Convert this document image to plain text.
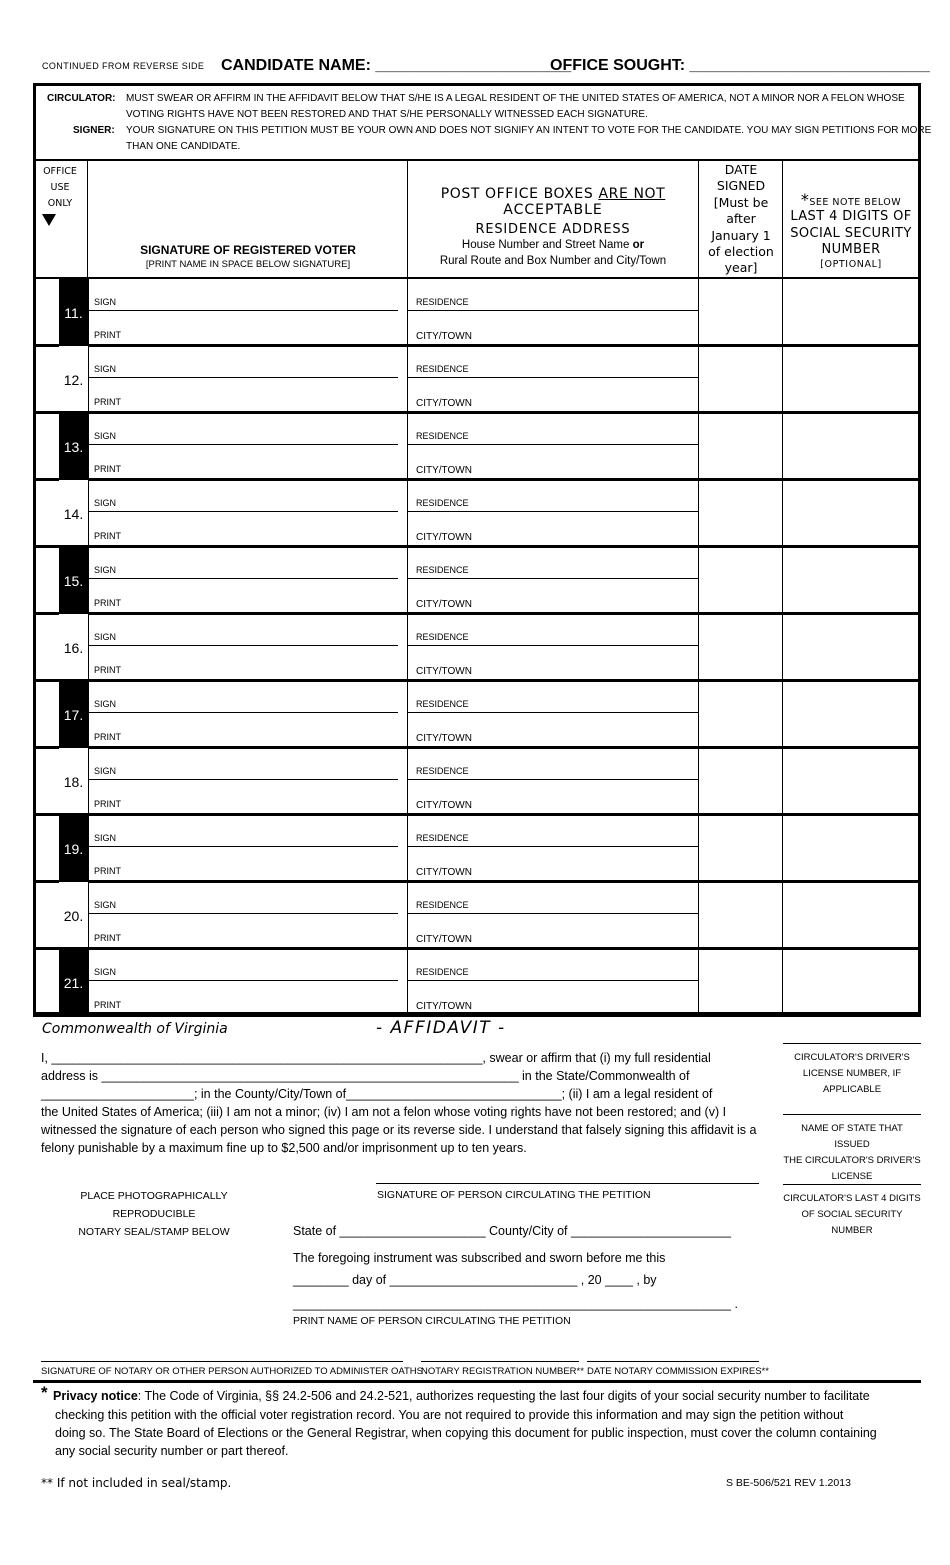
CONTINUED FROM REVERSE SIDE CANDIDATE NAME: ______________________
OFFICE SOUGHT: ___________________________
CIRCULATOR: MUST SWEAR OR AFFIRM IN THE AFFIDAVIT BELOW THAT S/HE IS A LEGAL RESIDENT OF THE UNITED STATES OF AMERICA, NOT A MINOR NOR A FELON WHOSE
VOTING RIGHTS HAVE NOT BEEN RESTORED AND THAT S/HE PERSONALLY WITNESSED EACH SIGNATURE.
SIGNER: YOUR SIGNATURE ON THIS PETITION MUST BE YOUR OWN AND DOES NOT SIGNIFY AN INTENT TO VOTE FOR THE CANDIDATE. YOU MAY SIGN PETITIONS FOR MORE
THAN ONE CANDIDATE.
OFFICE
USE
ONLY
SIGNATURE OF REGISTERED VOTER
[PRINT NAME IN SPACE BELOW SIGNATURE]
POST OFFICE BOXES ARE NOT
ACCEPTABLE
RESIDENCE ADDRESS
House Number and Street Name or
Rural Route and Box Number and City/Town
DATE
SIGNED
[Must be
after
January 1
of election
year]
*SEE NOTE BELOW
LAST 4 DIGITS OF
SOCIAL SECURITY
NUMBER
[OPTIONAL]
11.
SIGN
PRINT
RESIDENCE
CITY/TOWN
12.
SIGN
PRINT
RESIDENCE
CITY/TOWN
13.
SIGN
PRINT
RESIDENCE
CITY/TOWN
14.
SIGN
PRINT
RESIDENCE
CITY/TOWN
15.
SIGN
PRINT
RESIDENCE
CITY/TOWN
16.
SIGN
PRINT
RESIDENCE
CITY/TOWN
17.
SIGN
PRINT
RESIDENCE
CITY/TOWN
18.
SIGN
PRINT
RESIDENCE
CITY/TOWN
19.
SIGN
PRINT
RESIDENCE
CITY/TOWN
20.
SIGN
PRINT
RESIDENCE
CITY/TOWN
21.
SIGN
PRINT
RESIDENCE
CITY/TOWN
Commonwealth of Virginia	- AFFIDAVIT -
I, ______________________________________________________________, swear or affirm that (i) my full residential
address is ____________________________________________________________ in the State/Commonwealth of
______________________; in the County/City/Town of_______________________________; (ii) I am a legal resident of
the United States of America; (iii) I am not a minor; (iv) I am not a felon whose voting rights have not been restored; and (v) I
witnessed the signature of each person who signed this page or its reverse side. I understand that falsely signing this affidavit is a
felony punishable by a maximum fine up to $2,500 and/or imprisonment up to ten years.
CIRCULATOR'S DRIVER'S
LICENSE NUMBER, IF
APPLICABLE
NAME OF STATE THAT ISSUED
THE CIRCULATOR'S DRIVER'S
LICENSE
CIRCULATOR'S LAST 4 DIGITS
OF SOCIAL SECURITY
NUMBER
PLACE PHOTOGRAPHICALLY REPRODUCIBLE
NOTARY SEAL/STAMP BELOW
SIGNATURE OF PERSON CIRCULATING THE PETITION
State of _____________________ County/City of _______________________
The foregoing instrument was subscribed and sworn before me this
________ day of ___________________________ , 20 ____ , by
_______________________________________________________________ .
PRINT NAME OF PERSON CIRCULATING THE PETITION
SIGNATURE OF NOTARY OR OTHER PERSON AUTHORIZED TO ADMINISTER OATHS
NOTARY REGISTRATION NUMBER** DATE NOTARY COMMISSION EXPIRES**
* Privacy notice: The Code of Virginia, §§ 24.2-506 and 24.2-521, authorizes requesting the last four digits of your social security number to facilitate
checking this petition with the official voter registration record. You are not required to provide this information and may sign the petition without
doing so. The State Board of Elections or the General Registrar, when copying this document for public inspection, must cover the column containing
any social security number or part thereof.
** If not included in seal/stamp.	S BE-506/521 REV 1.2013
